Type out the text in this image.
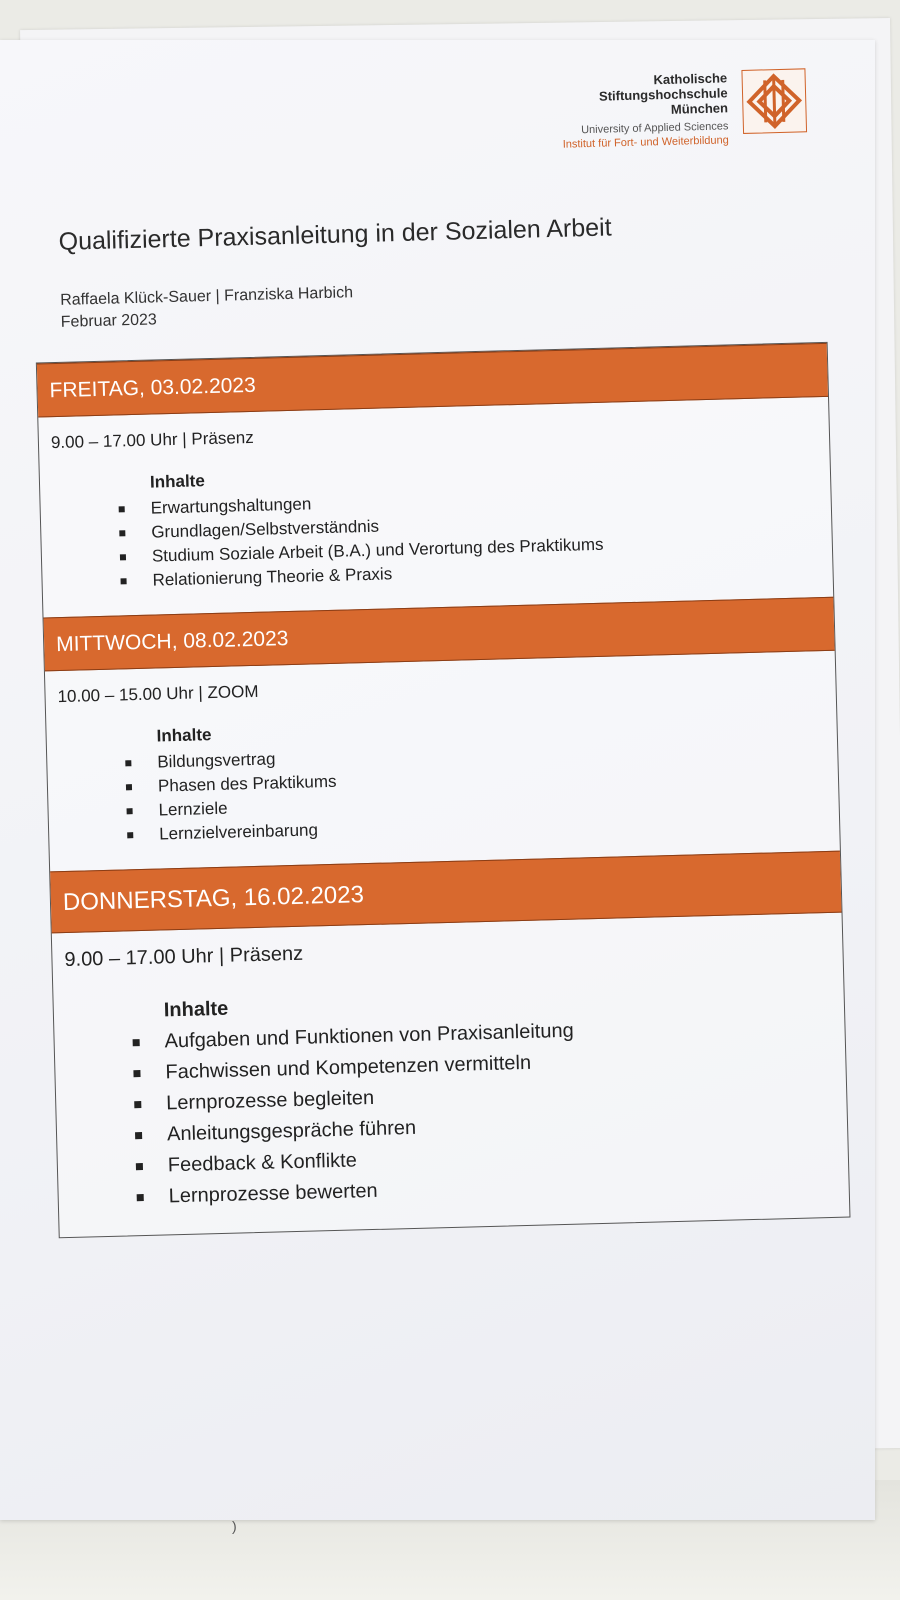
Katholische
Stiftungshochschule
München
University of Applied Sciences
Institut für Fort- und Weiterbildung

Qualifizierte Praxisanleitung in der Sozialen Arbeit
Raffaela Klück-Sauer | Franziska Harbich
Februar 2023
FREITAG, 03.02.2023
9.00 – 17.00 Uhr | Präsenz
Inhalte
Erwartungshaltungen
Grundlagen/Selbstverständnis
Studium Soziale Arbeit (B.A.) und Verortung des Praktikums
Relationierung Theorie & Praxis
MITTWOCH, 08.02.2023
10.00 – 15.00 Uhr | ZOOM
Inhalte
Bildungsvertrag
Phasen des Praktikums
Lernziele
Lernzielvereinbarung
DONNERSTAG, 16.02.2023
9.00 – 17.00 Uhr | Präsenz
Inhalte
Aufgaben und Funktionen von Praxisanleitung
Fachwissen und Kompetenzen vermitteln
Lernprozesse begleiten
Anleitungsgespräche führen
Feedback & Konflikte
Lernprozesse bewerten
)
